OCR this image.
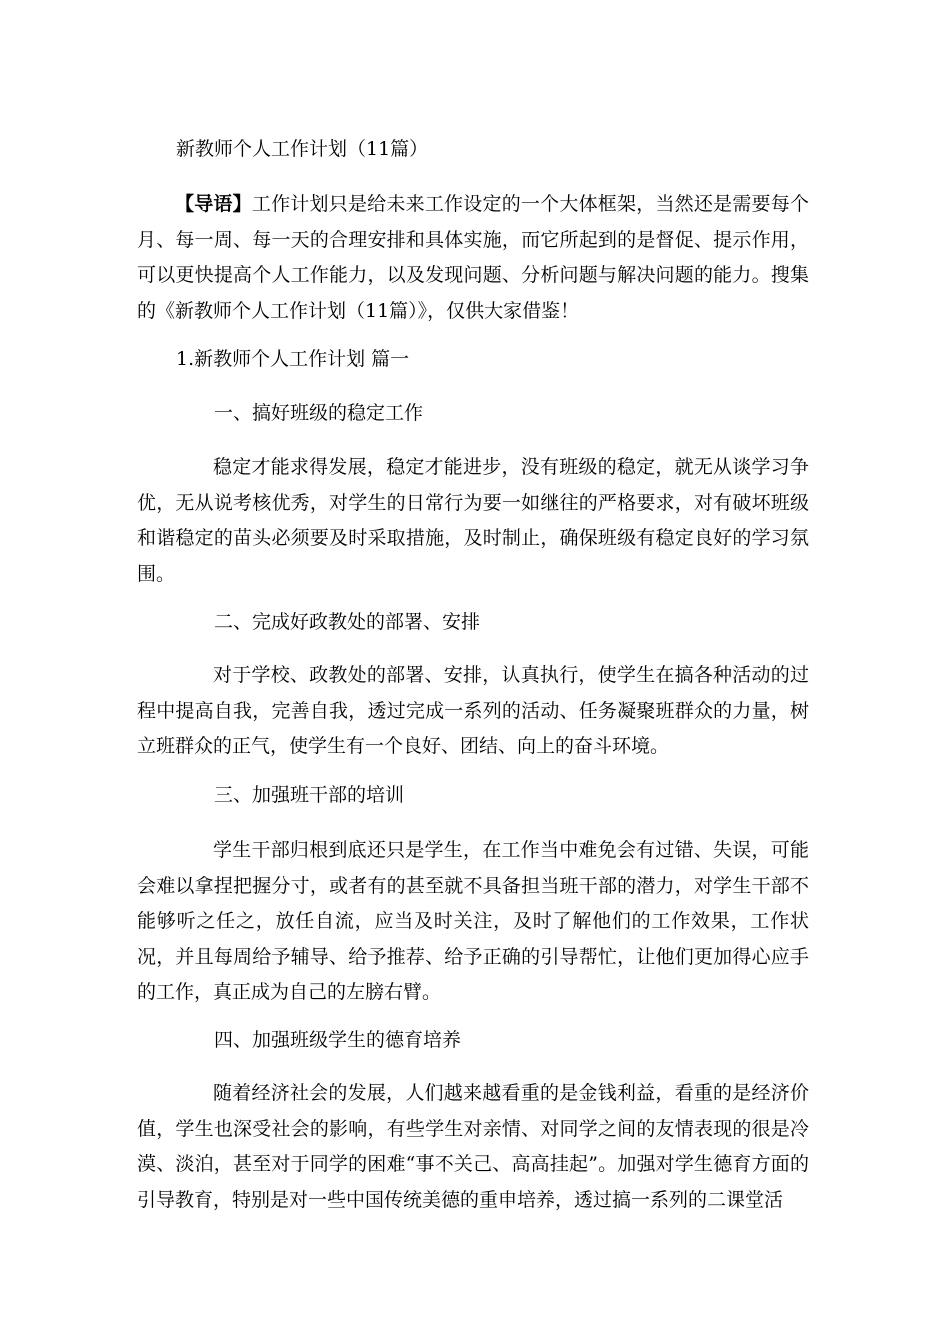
新教师个人工作计划（11篇）

【导语】工作计划只是给未来工作设定的一个大体框架，当然还是需要每个月、每一周、每一天的合理安排和具体实施，而它所起到的是督促、提示作用，可以更快提高个人工作能力，以及发现问题、分析问题与解决问题的能力。搜集的《新教师个人工作计划（11篇）》，仅供大家借鉴！

1.新教师个人工作计划 篇一
一、搞好班级的稳定工作

稳定才能求得发展，稳定才能进步，没有班级的稳定，就无从谈学习争优，无从说考核优秀，对学生的日常行为要一如继往的严格要求，对有破坏班级和谐稳定的苗头必须要及时采取措施，及时制止，确保班级有稳定良好的学习氛围。

二、完成好政教处的部署、安排

对于学校、政教处的部署、安排，认真执行，使学生在搞各种活动的过程中提高自我，完善自我，透过完成一系列的活动、任务凝聚班群众的力量，树立班群众的正气，使学生有一个良好、团结、向上的奋斗环境。

三、加强班干部的培训

学生干部归根到底还只是学生，在工作当中难免会有过错、失误，可能会难以拿捏把握分寸，或者有的甚至就不具备担当班干部的潜力，对学生干部不能够听之任之，放任自流，应当及时关注，及时了解他们的工作效果，工作状况，并且每周给予辅导、给予推荐、给予正确的引导帮忙，让他们更加得心应手的工作，真正成为自己的左膀右臂。

四、加强班级学生的德育培养

随着经济社会的发展，人们越来越看重的是金钱利益，看重的是经济价值，学生也深受社会的影响，有些学生对亲情、对同学之间的友情表现的很是冷漠、淡泊，甚至对于同学的困难“事不关己、高高挂起”。加强对学生德育方面的引导教育，特别是对一些中国传统美德的重申培养，透过搞一系列的二课堂活
